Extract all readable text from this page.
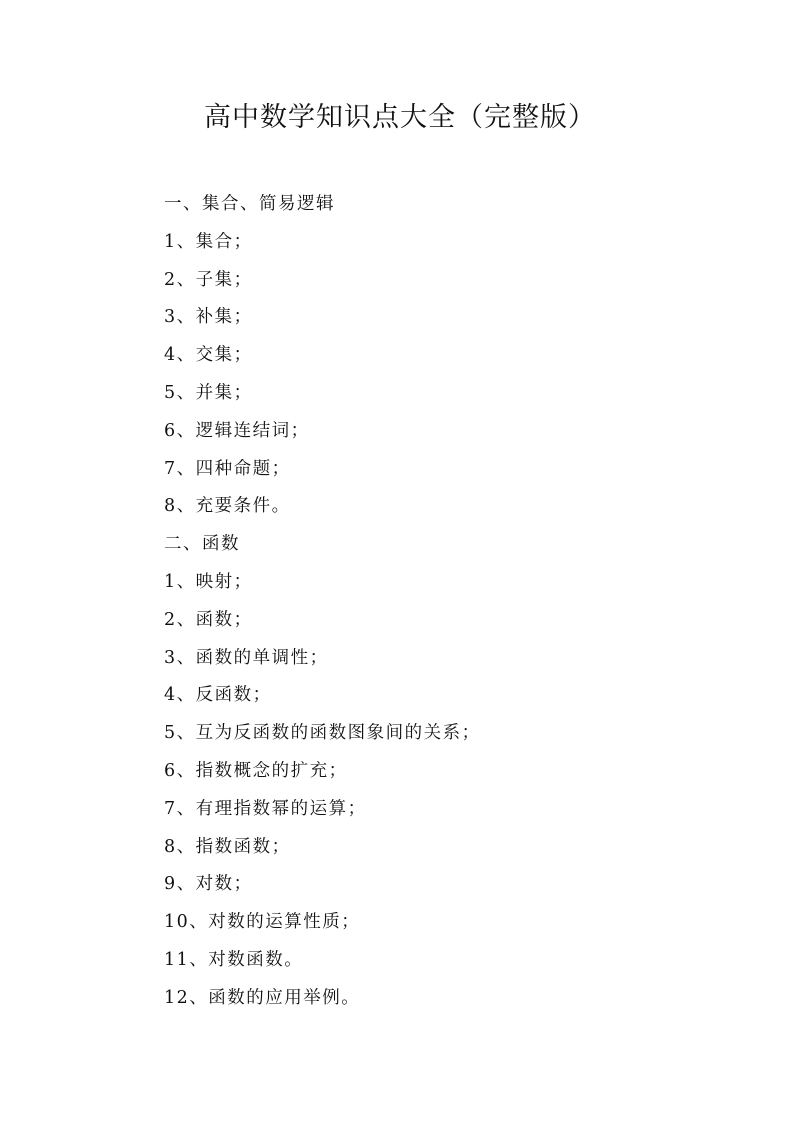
高中数学知识点大全（完整版）
一、集合、简易逻辑
1、集合；
2、子集；
3、补集；
4、交集；
5、并集；
6、逻辑连结词；
7、四种命题；
8、充要条件。
二、函数
1、映射；
2、函数；
3、函数的单调性；
4、反函数；
5、互为反函数的函数图象间的关系；
6、指数概念的扩充；
7、有理指数幂的运算；
8、指数函数；
9、对数；
10、对数的运算性质；
11、对数函数。
12、函数的应用举例。
